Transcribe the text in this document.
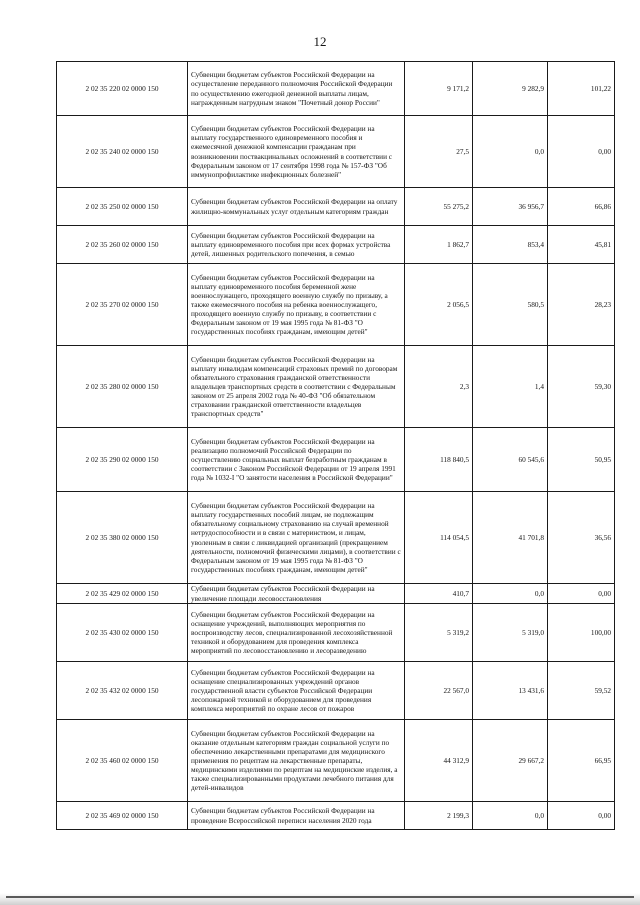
12
2 02 35 220 02 0000 150	Субвенции бюджетам субъектов Российской Федерации на осуществление переданного полномочия Российской Федерации по осуществлению ежегодной денежной выплаты лицам, награжденным нагрудным знаком "Почетный донор России"	9 171,2	9 282,9	101,22
2 02 35 240 02 0000 150	Субвенции бюджетам субъектов Российской Федерации на выплату государственного единовременного пособия и ежемесячной денежной компенсации гражданам при возникновении поствакцинальных осложнений в соответствии с Федеральным законом от 17 сентября 1998 года № 157-ФЗ "Об иммунопрофилактике инфекционных болезней"	27,5	0,0	0,00
2 02 35 250 02 0000 150	Субвенции бюджетам субъектов Российской Федерации на оплату жилищно-коммунальных услуг отдельным категориям граждан	55 275,2	36 956,7	66,86
2 02 35 260 02 0000 150	Субвенции бюджетам субъектов Российской Федерации на выплату единовременного пособия при всех формах устройства детей, лишенных родительского попечения, в семью	1 862,7	853,4	45,81
2 02 35 270 02 0000 150	Субвенции бюджетам субъектов Российской Федерации на выплату единовременного пособия беременной жене военнослужащего, проходящего военную службу по призыву, а также ежемесячного пособия на ребенка военнослужащего, проходящего военную службу по призыву, в соответствии с Федеральным законом от 19 мая 1995 года № 81-ФЗ "О государственных пособиях гражданам, имеющим детей"	2 056,5	580,5	28,23
2 02 35 280 02 0000 150	Субвенции бюджетам субъектов Российской Федерации на выплату инвалидам компенсаций страховых премий по договорам обязательного страхования гражданской ответственности владельцев транспортных средств в соответствии с Федеральным законом от 25 апреля 2002 года № 40-ФЗ "Об обязательном страховании гражданской ответственности владельцев транспортных средств"	2,3	1,4	59,30
2 02 35 290 02 0000 150	Субвенции бюджетам субъектов Российской Федерации на реализацию полномочий Российской Федерации по осуществлению социальных выплат безработным гражданам в соответствии с Законом Российской Федерации от 19 апреля 1991 года № 1032-I "О занятости населения в Российской Федерации"	118 840,5	60 545,6	50,95
2 02 35 380 02 0000 150	Субвенции бюджетам субъектов Российской Федерации на выплату государственных пособий лицам, не подлежащим обязательному социальному страхованию на случай временной нетрудоспособности и в связи с материнством, и лицам, уволенным в связи с ликвидацией организаций (прекращением деятельности, полномочий физическими лицами), в соответствии с Федеральным законом от 19 мая 1995 года № 81-ФЗ "О государственных пособиях гражданам, имеющим детей"	114 054,5	41 701,8	36,56
2 02 35 429 02 0000 150	Субвенции бюджетам субъектов Российской Федерации на увеличение площади лесовосстановления	410,7	0,0	0,00
2 02 35 430 02 0000 150	Субвенции бюджетам субъектов Российской Федерации на оснащение учреждений, выполняющих мероприятия по воспроизводству лесов, специализированной лесохозяйственной техникой и оборудованием для проведения комплекса мероприятий по лесовосстановлению и лесоразведению	5 319,2	5 319,0	100,00
2 02 35 432 02 0000 150	Субвенции бюджетам субъектов Российской Федерации на оснащение специализированных учреждений органов государственной власти субъектов Российской Федерации лесопожарной техникой и оборудованием для проведения комплекса мероприятий по охране лесов от пожаров	22 567,0	13 431,6	59,52
2 02 35 460 02 0000 150	Субвенции бюджетам субъектов Российской Федерации на оказание отдельным категориям граждан социальной услуги по обеспечению лекарственными препаратами для медицинского применения по рецептам на лекарственные препараты, медицинскими изделиями по рецептам на медицинские изделия, а также специализированными продуктами лечебного питания для детей-инвалидов	44 312,9	29 667,2	66,95
2 02 35 469 02 0000 150	Субвенции бюджетам субъектов Российской Федерации на проведение Всероссийской переписи населения 2020 года	2 199,3	0,0	0,00
